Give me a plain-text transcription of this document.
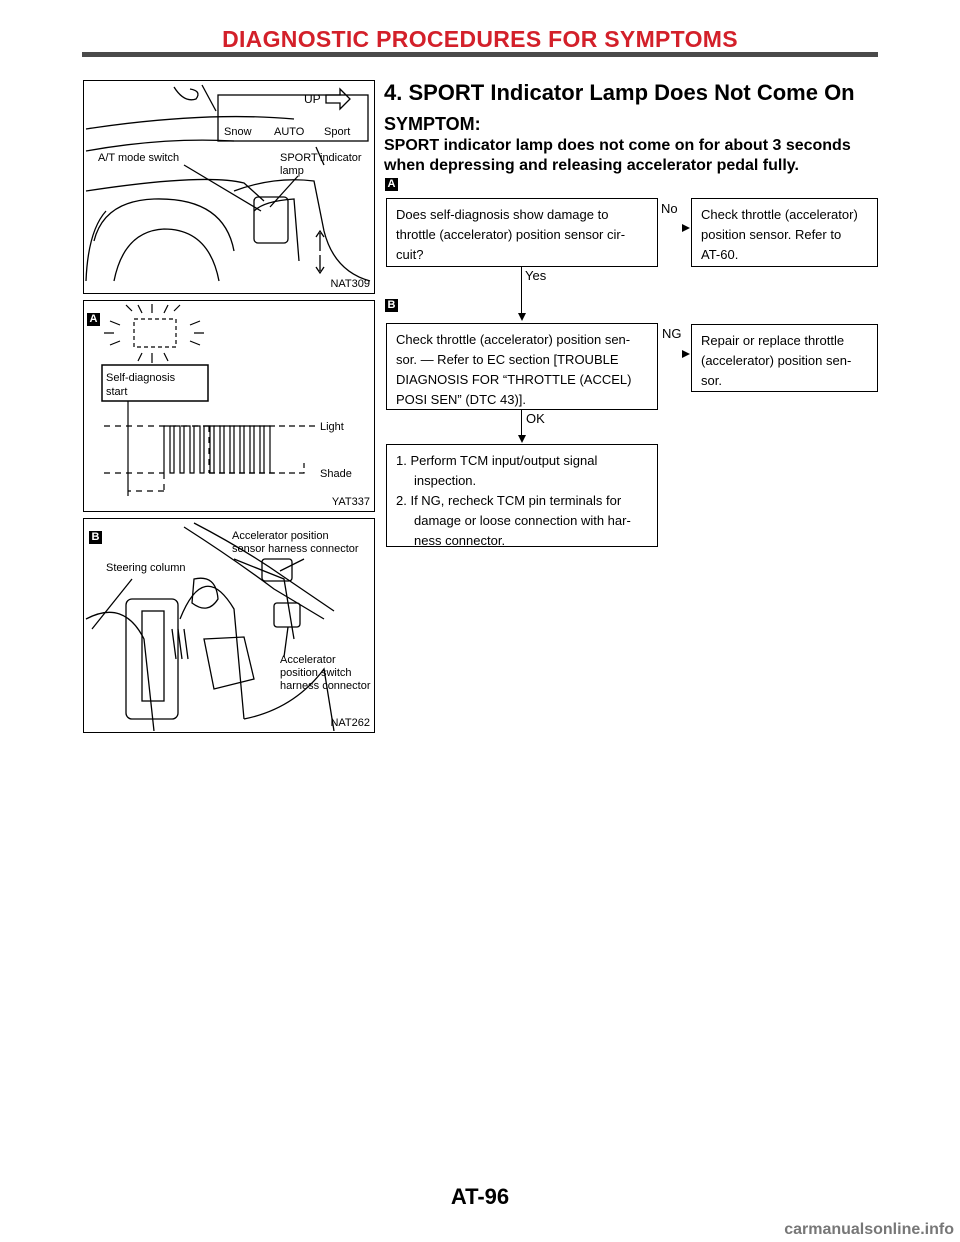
DIAGNOSTIC PROCEDURES FOR SYMPTOMS
UP
Snow AUTO Sport
A/T mode switch	SPORT
lamp
indicator
NAT309
A
Self-diagnosis
start
Light
Shade
YAT337
B
Steering column
Accelerator position
sensor harness connector
Accelerator
position switch
harness connector
NAT262
4. SPORT Indicator Lamp Does Not Come On
SYMPTOM:
SPORT indicator lamp does not come on for about 3 seconds when depressing and releasing accelerator pedal fully.
A
Does self-diagnosis show damage to
throttle (accelerator) position sensor cir-
cuit?
No Check throttle (accelerator)
position sensor. Refer to
AT-60.
Yes
B
Check throttle (accelerator) position sen-
sor. — Refer to EC section [TROUBLE
DIAGNOSIS FOR “THROTTLE (ACCEL)
POSI SEN” (DTC 43)].
NG Repair or replace throttle
(accelerator) position sen-
sor.
OK
1. Perform TCM input/output signal
inspection.
2. If NG, recheck TCM pin terminals for
damage or loose connection with har-
ness connector.
AT-96
carmanualsonline.info
